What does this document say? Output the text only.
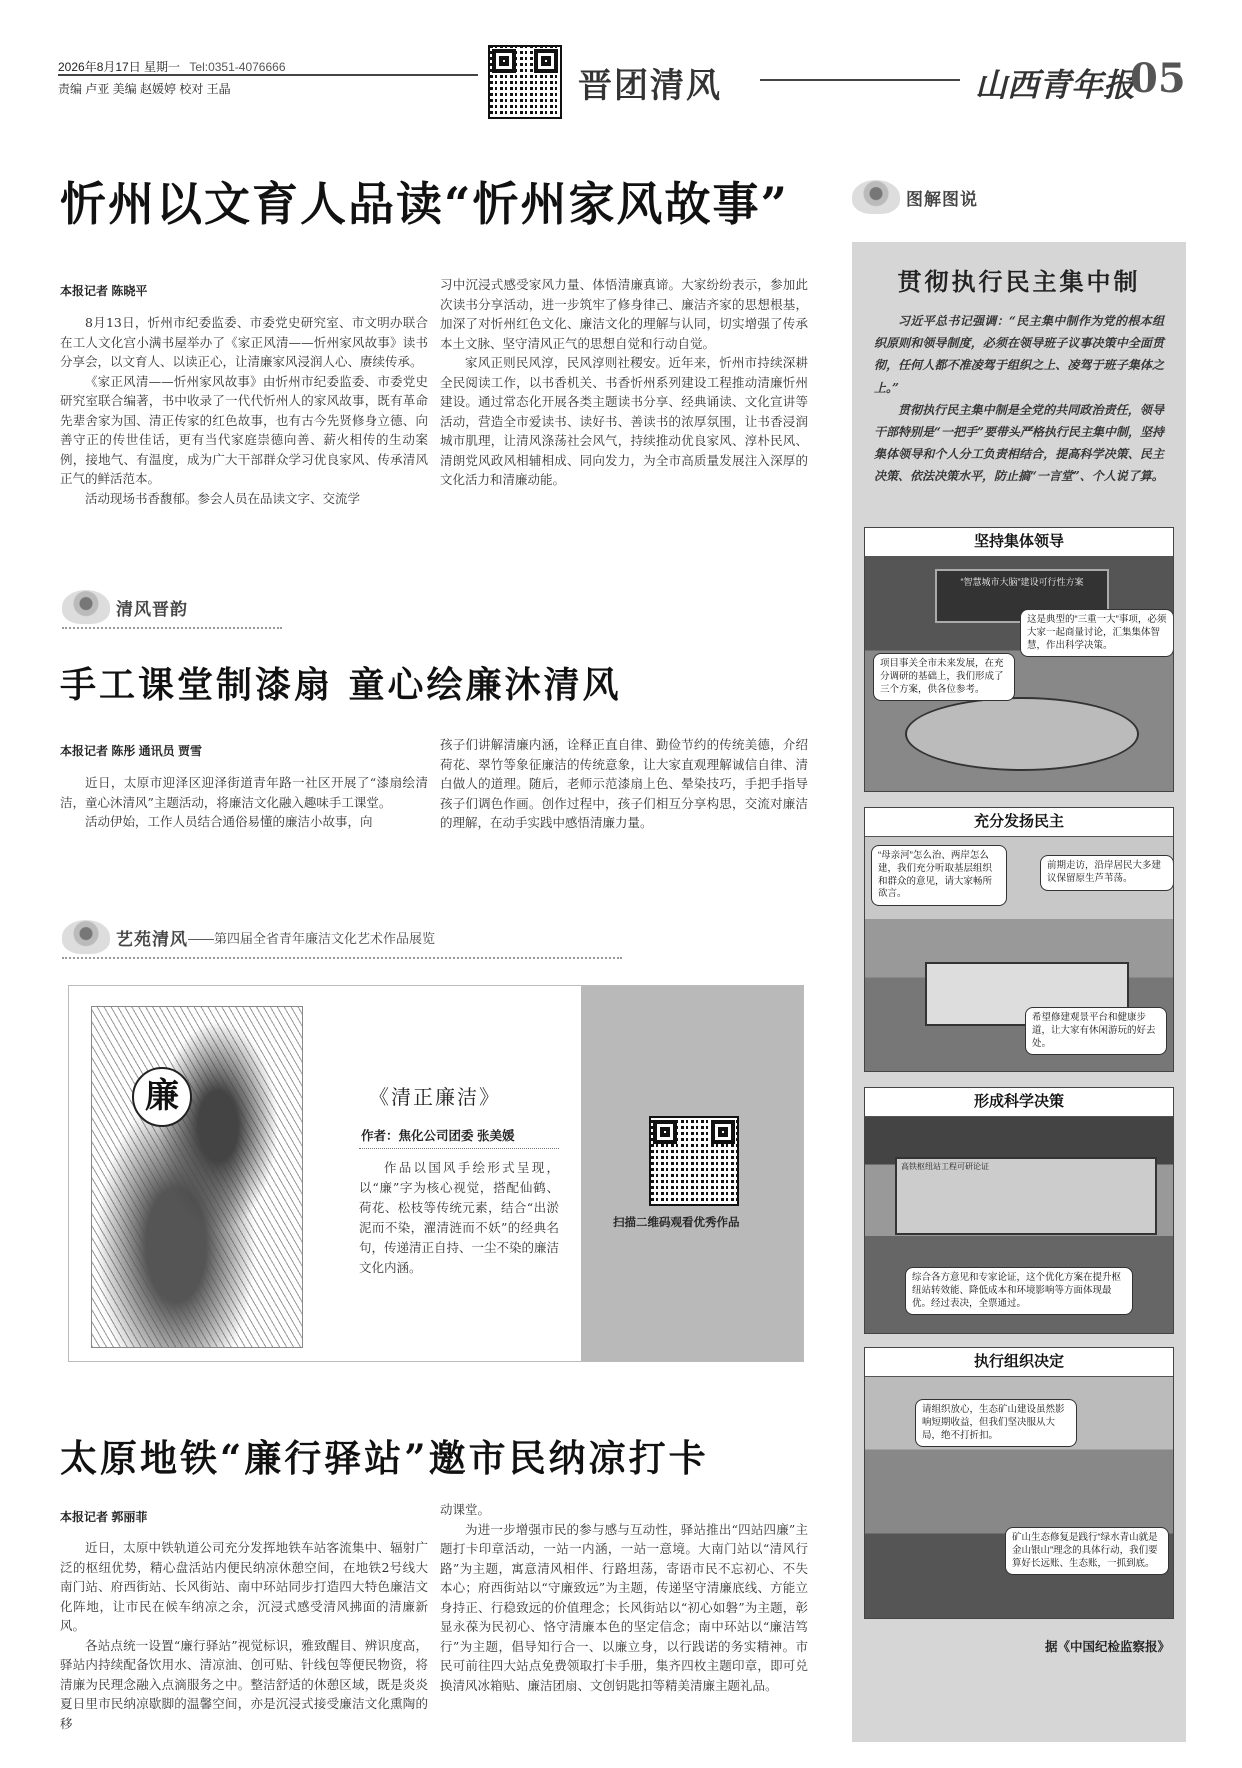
2026年8月17日 星期一 Tel:0351-4076666
责编 卢亚 美编 赵媛婷 校对 王晶	晋团清风	山西青年报
05
忻州以文育人品读“忻州家风故事”
本报记者 陈晓平

8月13日，忻州市纪委监委、市委党史研究室、市文明办联合在工人文化宫小满书屋举办了《家正风清——忻州家风故事》读书分享会，以文育人、以读正心，让清廉家风浸润人心、赓续传承。

《家正风清——忻州家风故事》由忻州市纪委监委、市委党史研究室联合编著，书中收录了一代代忻州人的家风故事，既有革命先辈舍家为国、清正传家的红色故事，也有古今先贤修身立德、向善守正的传世佳话，更有当代家庭崇德向善、薪火相传的生动案例，接地气、有温度，成为广大干部群众学习优良家风、传承清风正气的鲜活范本。

活动现场书香馥郁。参会人员在品读文字、交流学

习中沉浸式感受家风力量、体悟清廉真谛。大家纷纷表示，参加此次读书分享活动，进一步筑牢了修身律己、廉洁齐家的思想根基，加深了对忻州红色文化、廉洁文化的理解与认同，切实增强了传承本土文脉、坚守清风正气的思想自觉和行动自觉。

家风正则民风淳，民风淳则社稷安。近年来，忻州市持续深耕全民阅读工作，以书香机关、书香忻州系列建设工程推动清廉忻州建设。通过常态化开展各类主题读书分享、经典诵读、文化宣讲等活动，营造全市爱读书、读好书、善读书的浓厚氛围，让书香浸润城市肌理，让清风涤荡社会风气，持续推动优良家风、淳朴民风、清朗党风政风相辅相成、同向发力，为全市高质量发展注入深厚的文化活力和清廉动能。

清风晋韵
手工课堂制漆扇 童心绘廉沐清风
本报记者 陈彤 通讯员 贾雪

近日，太原市迎泽区迎泽街道青年路一社区开展了“漆扇绘清洁，童心沐清风”主题活动，将廉洁文化融入趣味手工课堂。

活动伊始，工作人员结合通俗易懂的廉洁小故事，向

孩子们讲解清廉内涵，诠释正直自律、勤俭节约的传统美德，介绍荷花、翠竹等象征廉洁的传统意象，让大家直观理解诚信自律、清白做人的道理。随后，老师示范漆扇上色、晕染技巧，手把手指导孩子们调色作画。创作过程中，孩子们相互分享构思，交流对廉洁的理解，在动手实践中感悟清廉力量。

艺苑清风 ——第四届全省青年廉洁文化艺术作品展览
廉	《清正廉洁》
作者：焦化公司团委 张美媛
作品以国风手绘形式呈现，以“廉”字为核心视觉，搭配仙鹤、荷花、松枝等传统元素，结合“出淤泥而不染，濯清涟而不妖”的经典名句，传递清正自持、一尘不染的廉洁文化内涵。
扫描二维码观看优秀作品
太原地铁“廉行驿站”邀市民纳凉打卡
本报记者 郭丽菲

近日，太原中铁轨道公司充分发挥地铁车站客流集中、辐射广泛的枢纽优势，精心盘活站内便民纳凉休憩空间，在地铁2号线大南门站、府西街站、长风街站、南中环站同步打造四大特色廉洁文化阵地，让市民在候车纳凉之余，沉浸式感受清风拂面的清廉新风。

各站点统一设置“廉行驿站”视觉标识，雅致醒目、辨识度高，驿站内持续配备饮用水、清凉油、创可贴、针线包等便民物资，将清廉为民理念融入点滴服务之中。整洁舒适的休憩区域，既是炎炎夏日里市民纳凉歇脚的温馨空间，亦是沉浸式接受廉洁文化熏陶的移

动课堂。

为进一步增强市民的参与感与互动性，驿站推出“四站四廉”主题打卡印章活动，一站一内涵，一站一意境。大南门站以“清风行路”为主题，寓意清风相伴、行路坦荡，寄语市民不忘初心、不失本心；府西街站以“守廉致远”为主题，传递坚守清廉底线、方能立身持正、行稳致远的价值理念；长风街站以“初心如磐”为主题，彰显永葆为民初心、恪守清廉本色的坚定信念；南中环站以“廉洁笃行”为主题，倡导知行合一、以廉立身，以行践诺的务实精神。市民可前往四大站点免费领取打卡手册，集齐四枚主题印章，即可兑换清风冰箱贴、廉洁团扇、文创钥匙扣等精美清廉主题礼品。

图解图说
贯彻执行民主集中制

习近平总书记强调：“民主集中制作为党的根本组织原则和领导制度，必须在领导班子议事决策中全面贯彻，任何人都不准凌驾于组织之上、凌驾于班子集体之上。”

贯彻执行民主集中制是全党的共同政治责任，领导干部特别是“一把手”要带头严格执行民主集中制，坚持集体领导和个人分工负责相结合，提高科学决策、民主决策、依法决策水平，防止搞“一言堂”、个人说了算。

坚持集体领导
“智慧城市大脑”建设可行性方案
这是典型的“三重一大”事项，必须大家一起商量讨论，汇集集体智慧，作出科学决策。
项目事关全市未来发展，在充分调研的基础上，我们形成了三个方案，供各位参考。
充分发扬民主
“母亲河”怎么治、两岸怎么建，我们充分听取基层组织和群众的意见，请大家畅所欲言。
前期走访，沿岸居民大多建议保留原生芦苇荡。
希望修建观景平台和健康步道，让大家有休闲游玩的好去处。
形成科学决策
高铁枢纽站工程可研论证
综合各方意见和专家论证，这个优化方案在提升枢纽站转效能、降低成本和环境影响等方面体现最优。经过表决，全票通过。
执行组织决定
请组织放心，生态矿山建设虽然影响短期收益，但我们坚决服从大局，绝不打折扣。
矿山生态修复是践行“绿水青山就是金山银山”理念的具体行动，我们要算好长远账、生态账，一抓到底。
据《中国纪检监察报》
